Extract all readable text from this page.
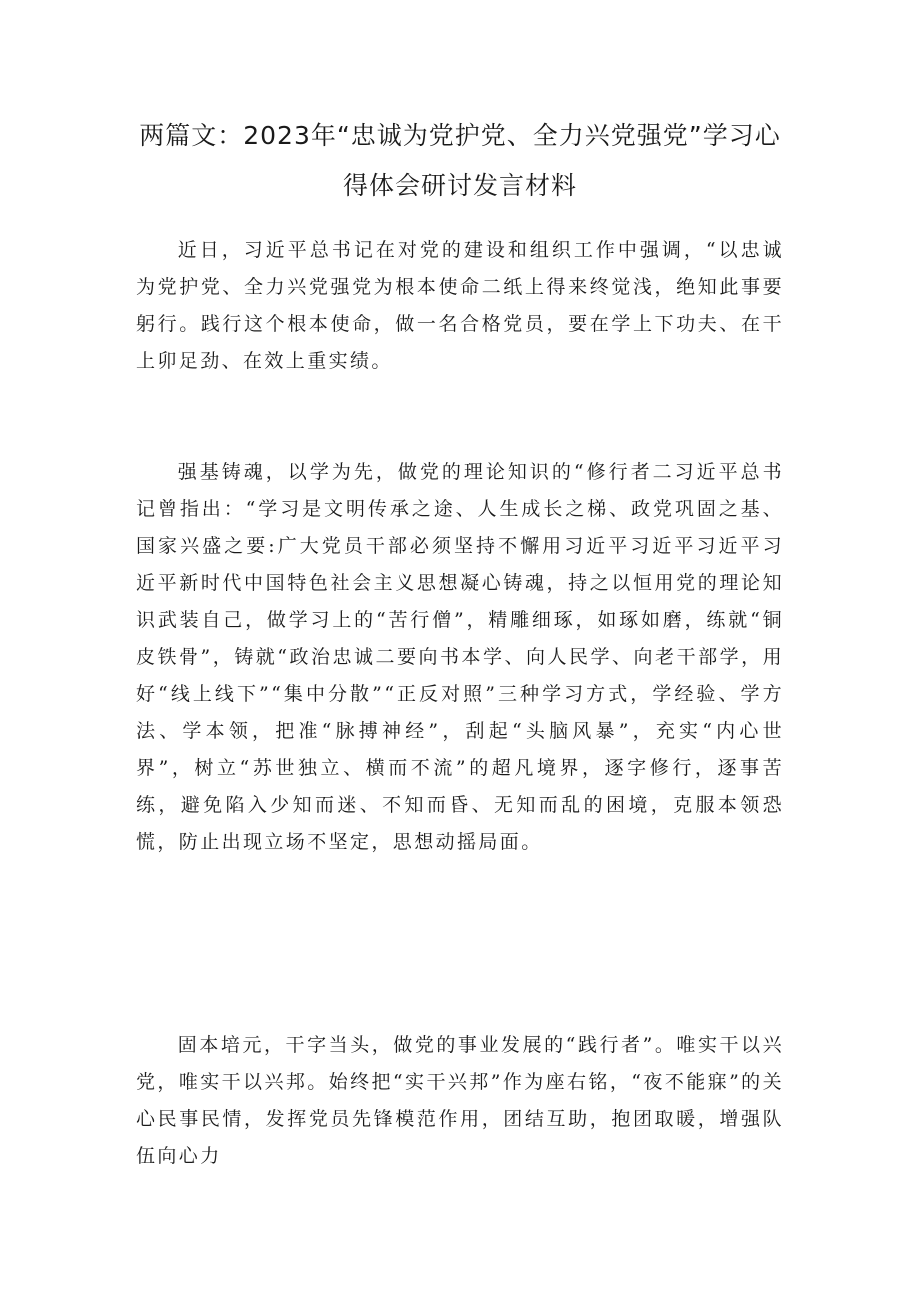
两篇文：2023年“忠诚为党护党、全力兴党强党”学习心得体会研讨发言材料

近日，习近平总书记在对党的建设和组织工作中强调，“以忠诚为党护党、全力兴党强党为根本使命二纸上得来终觉浅，绝知此事要躬行。践行这个根本使命，做一名合格党员，要在学上下功夫、在干上卯足劲、在效上重实绩。

强基铸魂，以学为先，做党的理论知识的“修行者二习近平总书记曾指出：“学习是文明传承之途、人生成长之梯、政党巩固之基、国家兴盛之要:广大党员干部必须坚持不懈用习近平习近平习近平习近平新时代中国特色社会主义思想凝心铸魂，持之以恒用党的理论知识武装自己，做学习上的“苦行僧”，精雕细琢，如琢如磨，练就“铜皮铁骨”，铸就“政治忠诚二要向书本学、向人民学、向老干部学，用好“线上线下”“集中分散”“正反对照”三种学习方式，学经验、学方法、学本领，把准“脉搏神经”，刮起“头脑风暴”，充实“内心世界”，树立“苏世独立、横而不流”的超凡境界，逐字修行，逐事苦练，避免陷入少知而迷、不知而昏、无知而乱的困境，克服本领恐慌，防止出现立场不坚定，思想动摇局面。

固本培元，干字当头，做党的事业发展的“践行者”。唯实干以兴党，唯实干以兴邦。始终把“实干兴邦”作为座右铭，“夜不能寐”的关心民事民情，发挥党员先锋模范作用，团结互助，抱团取暖，增强队伍向心力
